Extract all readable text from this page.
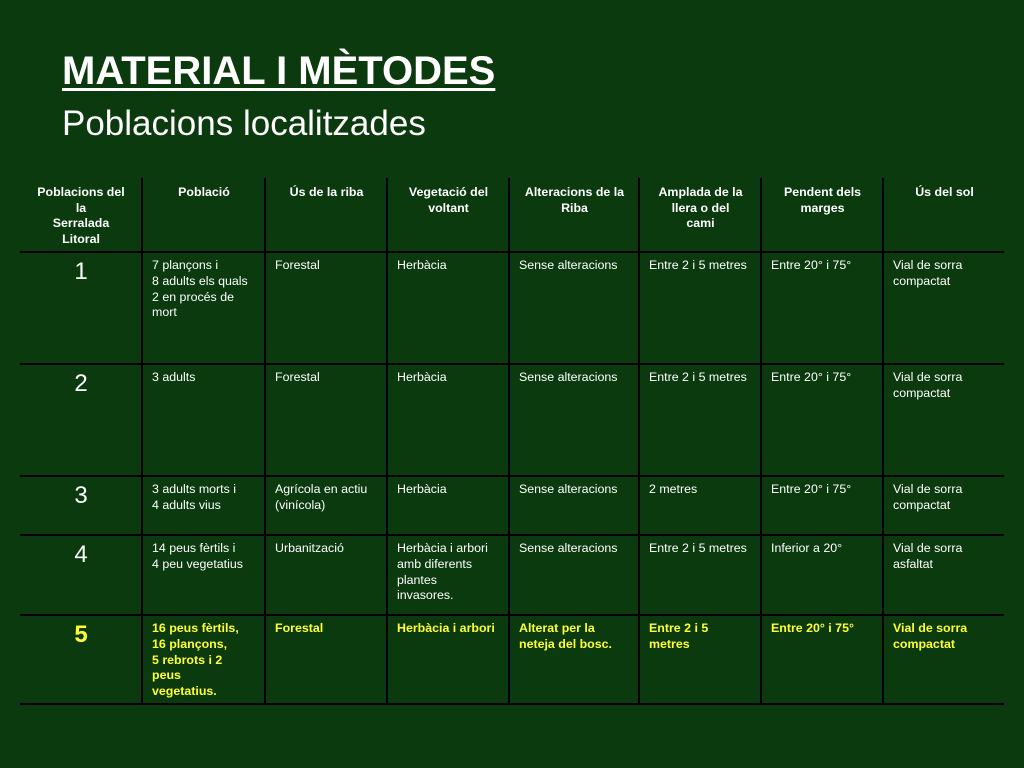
MATERIAL I MÈTODES
Poblacions localitzades
Poblacions del
la
Serralada
Litoral	Població	Ús de la riba	Vegetació del
voltant	Alteracions de la
Riba	Amplada de la
llera o del
cami	Pendent dels
marges	Ús del sol

1	7 plançons i
8 adults els quals
2 en procés de
mort	Forestal	Herbàcia	Sense alteracions	Entre 2 i 5 metres	Entre 20° i 75°	Vial de sorra
compactat

2	3 adults	Forestal	Herbàcia	Sense alteracions	Entre 2 i 5 metres	Entre 20° i 75°	Vial de sorra
compactat

3	3 adults morts i
4 adults vius	Agrícola en actiu
(vinícola)	Herbàcia	Sense alteracions	2 metres	Entre 20° i 75°	Vial de sorra
compactat

4	14 peus fèrtils i
4 peu vegetatius	Urbanització	Herbàcia i arbori
amb diferents
plantes
invasores.	Sense alteracions	Entre 2 i 5 metres	Inferior a 20°	Vial de sorra
asfaltat

5	16 peus fèrtils,
16 plançons,
5 rebrots i 2
peus
vegetatius.	Forestal	Herbàcia i arbori	Alterat per la
neteja del bosc.	Entre 2 i 5
metres	Entre 20° i 75°	Vial de sorra
compactat
